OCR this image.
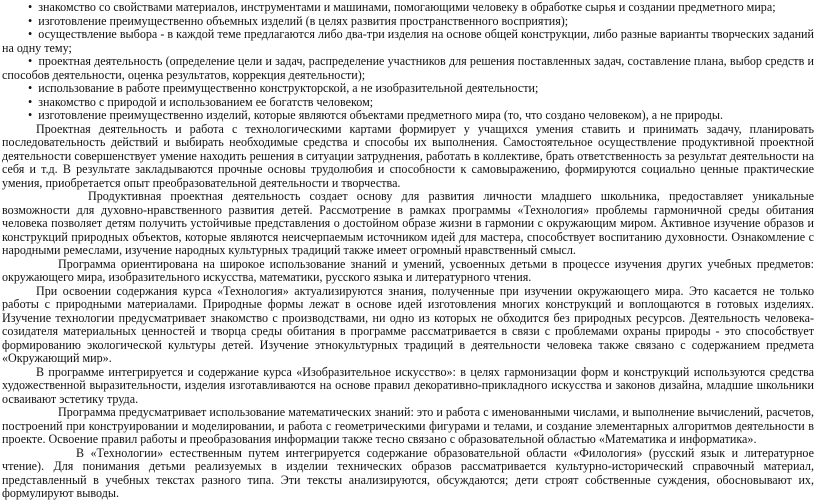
• знакомство со свойствами материалов, инструментами и машинами, помогающими человеку в обработке сырья и создании предметного мира;

• изготовление преимущественно объемных изделий (в целях развития пространственного восприятия);

• осуществление выбора - в каждой теме предлагаются либо два-три изделия на основе общей конструкции, либо разные варианты творческих заданий на одну тему;

• проектная деятельность (определение цели и задач, распределение участников для решения поставленных задач, составление плана, выбор средств и способов деятельности, оценка результатов, коррекция деятельности);

• использование в работе преимущественно конструкторской, а не изобразительной деятельности;

• знакомство с природой и использованием ее богатств человеком;

• изготовление преимущественно изделий, которые являются объектами предметного мира (то, что создано человеком), а не природы.

Проектная деятельность и работа с технологическими картами формирует у учащихся умения ставить и принимать задачу, планировать последовательность действий и выбирать необходимые средства и способы их выполнения. Самостоятельное осуществление продуктивной проектной деятельности совершенствует умение находить решения в ситуации затруднения, работать в коллективе, брать ответственность за результат деятельности на себя и т.д. В результате закладываются прочные основы трудолюбия и способности к самовыражению, формируются социально ценные практические умения, приобретается опыт преобразовательной деятельности и творчества.

Продуктивная проектная деятельность создает основу для развития личности младшего школьника, предоставляет уникальные возможности для духовно-нравственного развития детей. Рассмотрение в рамках программы «Технология» проблемы гармоничной среды обитания человека позволяет детям получить устойчивые представления о достойном образе жизни в гармонии с окружающим миром. Активное изучение образов и конструкций природных объектов, которые являются неисчерпаемым источником идей для мастера, способствует воспитанию духовности. Ознакомление с народными ремеслами, изучение народных культурных традиций также имеет огромный нравственный смысл.

Программа ориентирована на широкое использование знаний и умений, усвоенных детьми в процессе изучения других учебных предметов: окружающего мира, изобразительного искусства, математики, русского языка и литературного чтения.

При освоении содержания курса «Технология» актуализируются знания, полученные при изучении окружающего мира. Это касается не только работы с природными материалами. Природные формы лежат в основе идей изготовления многих конструкций и воплощаются в готовых изделиях. Изучение технологии предусматривает знакомство с производствами, ни одно из которых не обходится без природных ресурсов. Деятельность человека-созидателя материальных ценностей и творца среды обитания в программе рассматривается в связи с проблемами охраны природы - это способствует формированию экологической культуры детей. Изучение этнокультурных традиций в деятельности человека также связано с содержанием предмета «Окружающий мир».

В программе интегрируется и содержание курса «Изобразительное искусство»: в целях гармонизации форм и конструкций используются средства художественной выразительности, изделия изготавливаются на основе правил декоративно-прикладного искусства и законов дизайна, младшие школьники осваивают эстетику труда.

Программа предусматривает использование математических знаний: это и работа с именованными числами, и выполнение вычислений, расчетов, построений при конструировании и моделировании, и работа с геометрическими фигурами и телами, и создание элементарных алгоритмов деятельности в проекте. Освоение правил работы и преобразования информации также тесно связано с образовательной областью «Математика и информатика».

В «Технологии» естественным путем интегрируется содержание образовательной области «Филология» (русский язык и литературное чтение). Для понимания детьми реализуемых в изделии технических образов рассматривается культурно-исторический справочный материал, представленный в учебных текстах разного типа. Эти тексты анализируются, обсуждаются; дети строят собственные суждения, обосновывают их, формулируют выводы.
